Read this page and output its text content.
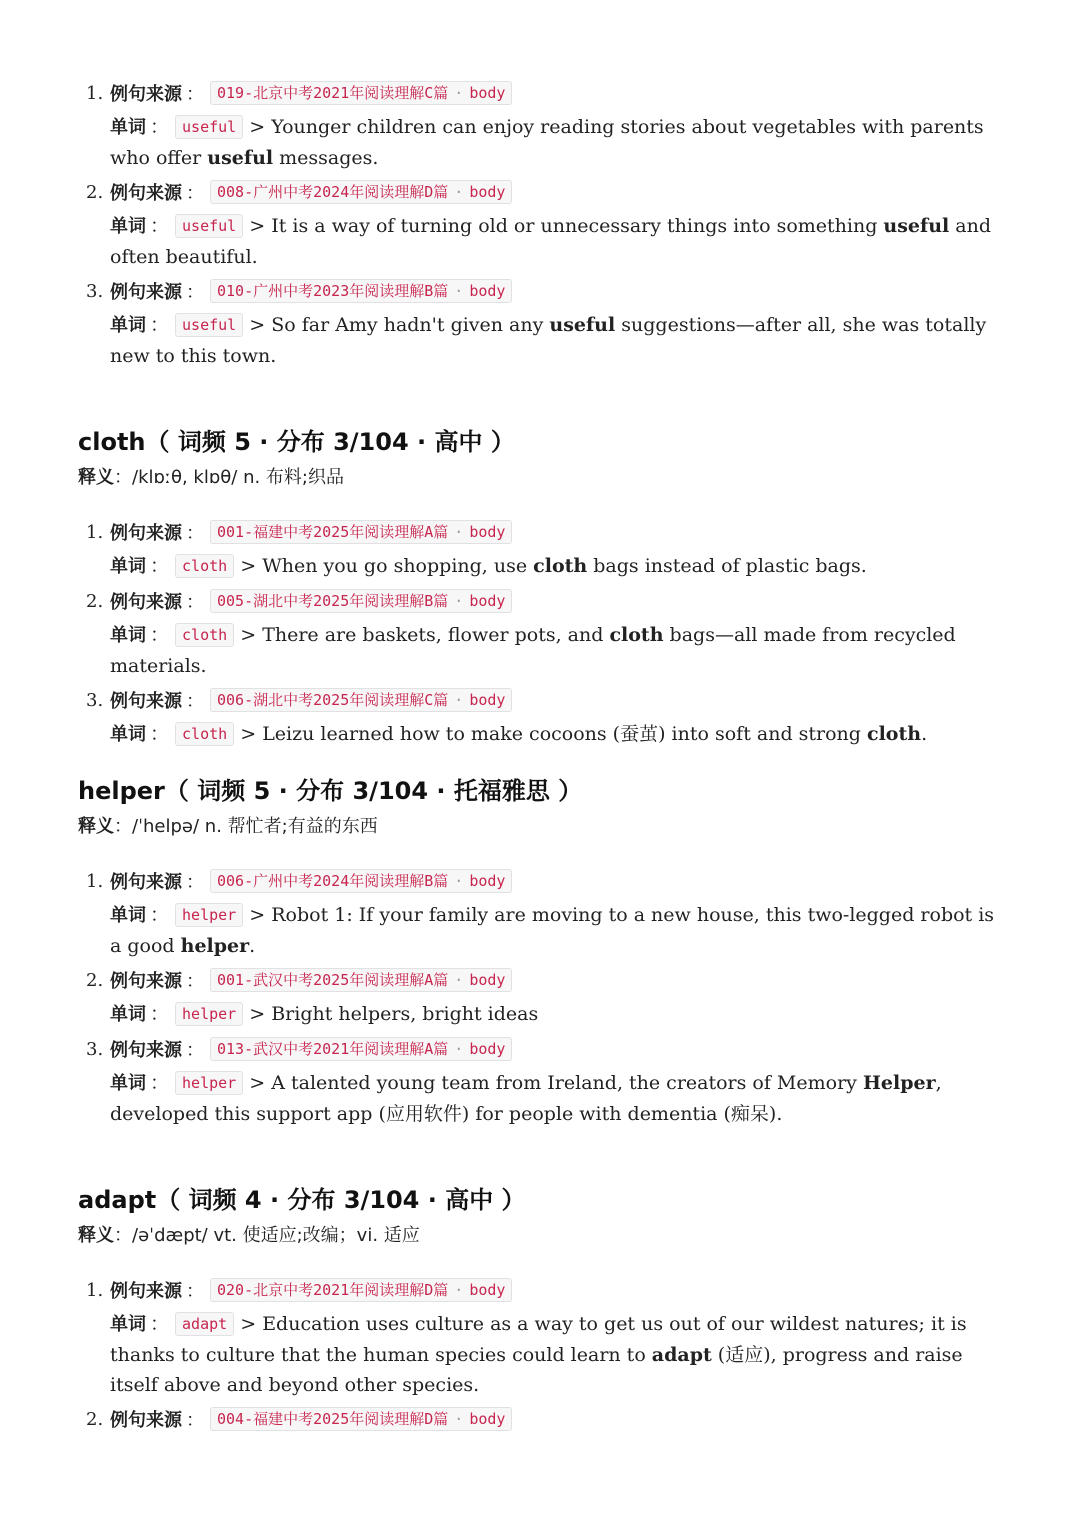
1. 例句来源 ： 019-北京中考2021年阅读理解C篇 · body
单词 ： useful > Younger children can enjoy reading stories about vegetables with parents who offer useful messages.
2. 例句来源 ： 008-广州中考2024年阅读理解D篇 · body
单词 ： useful > It is a way of turning old or unnecessary things into something useful and often beautiful.
3. 例句来源 ： 010-广州中考2023年阅读理解B篇 · body
单词 ： useful > So far Amy hadn't given any useful suggestions—after all, she was totally new to this town.
cloth（ 词频 5 · 分布 3/104 · 高中 ）

释义：/klɒːθ, klɒθ/ n. 布料;织品

1. 例句来源 ： 001-福建中考2025年阅读理解A篇 · body
单词 ： cloth > When you go shopping, use cloth bags instead of plastic bags.
2. 例句来源 ： 005-湖北中考2025年阅读理解B篇 · body
单词 ： cloth > There are baskets, flower pots, and cloth bags—all made from recycled materials.
3. 例句来源 ： 006-湖北中考2025年阅读理解C篇 · body
单词 ： cloth > Leizu learned how to make cocoons (蚕茧) into soft and strong cloth.
helper（ 词频 5 · 分布 3/104 · 托福雅思 ）

释义：/ˈhelpə/ n. 帮忙者;有益的东西

1. 例句来源 ： 006-广州中考2024年阅读理解B篇 · body
单词 ： helper > Robot 1: If your family are moving to a new house, this two-legged robot is a good helper.
2. 例句来源 ： 001-武汉中考2025年阅读理解A篇 · body
单词 ： helper > Bright helpers, bright ideas
3. 例句来源 ： 013-武汉中考2021年阅读理解A篇 · body
单词 ： helper > A talented young team from Ireland, the creators of Memory Helper, developed this support app (应用软件) for people with dementia (痴呆).
adapt（ 词频 4 · 分布 3/104 · 高中 ）

释义：/əˈdæpt/ vt. 使适应;改编；vi. 适应

1. 例句来源 ： 020-北京中考2021年阅读理解D篇 · body
单词 ： adapt > Education uses culture as a way to get us out of our wildest natures; it is thanks to culture that the human species could learn to adapt (适应), progress and raise itself above and beyond other species.
2. 例句来源 ： 004-福建中考2025年阅读理解D篇 · body
